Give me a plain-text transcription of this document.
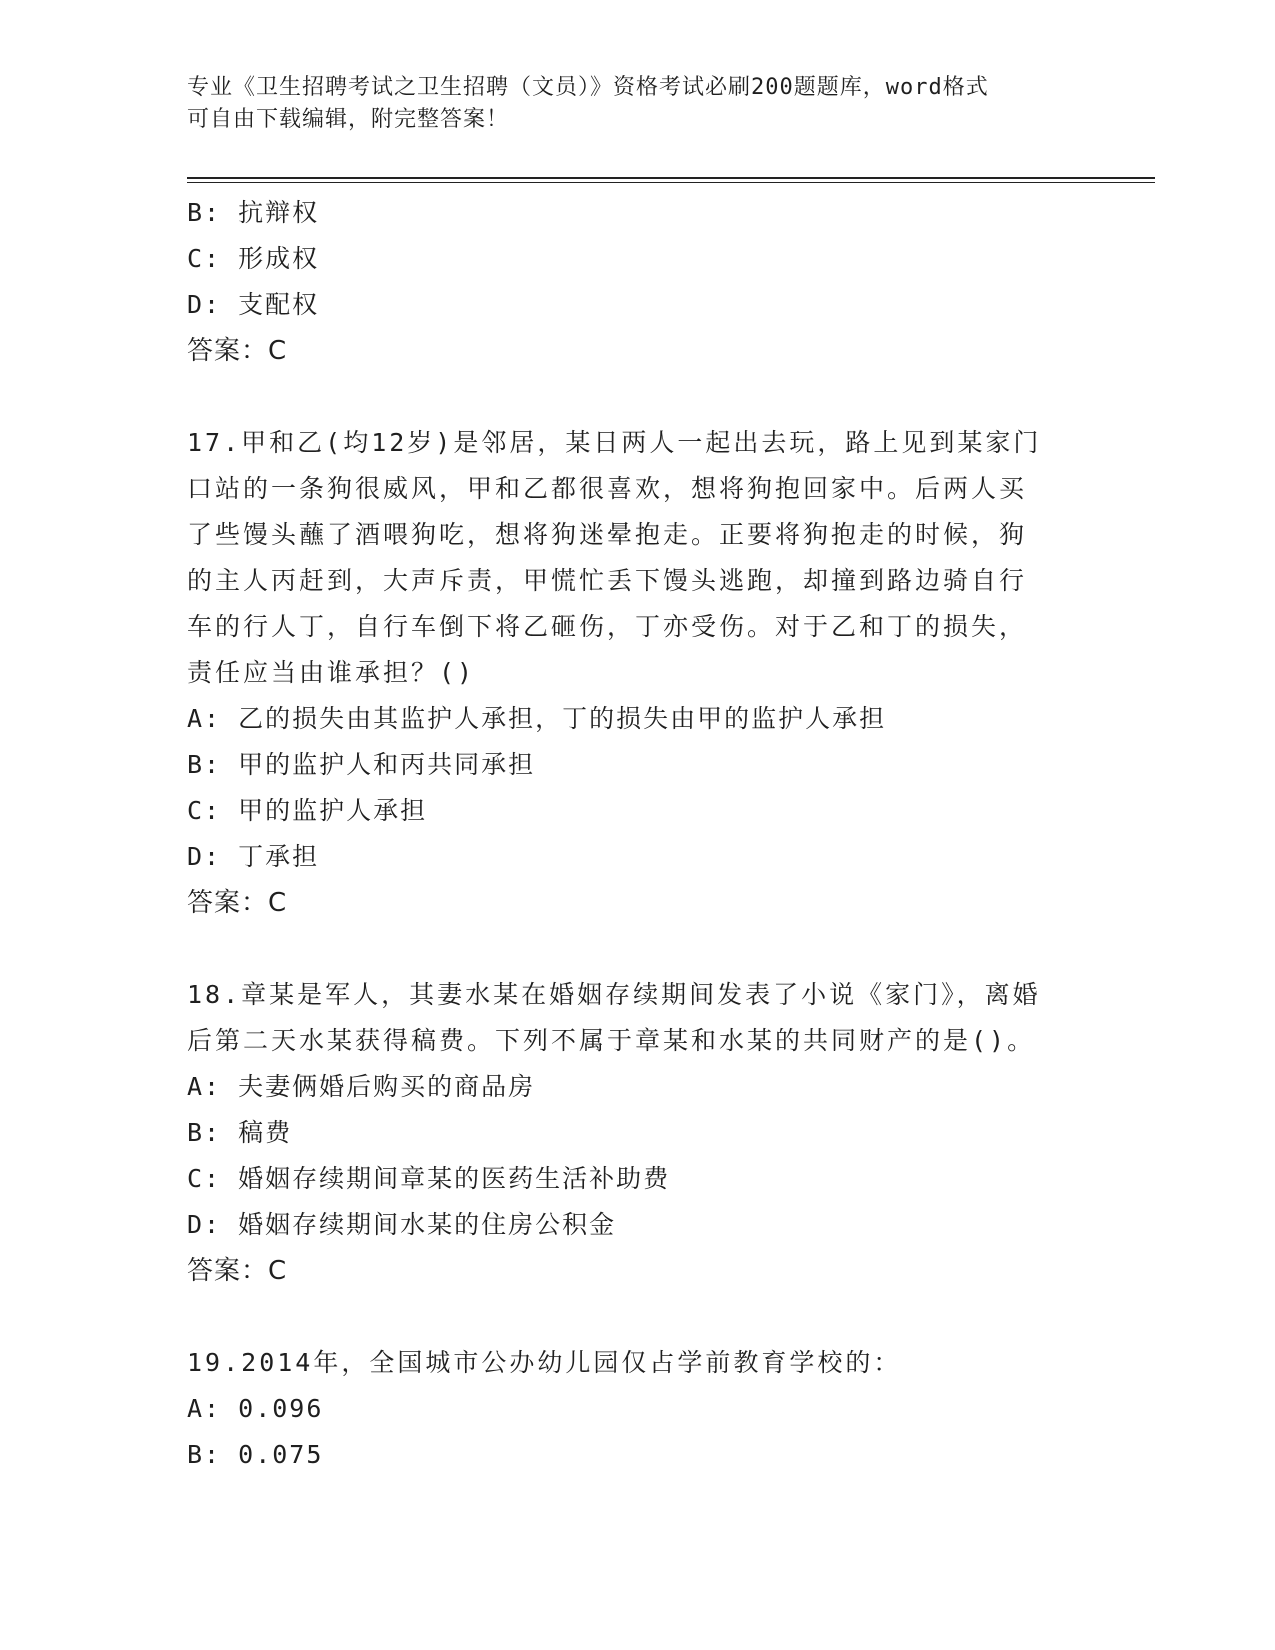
专业《卫生招聘考试之卫生招聘（文员）》资格考试必刷200题题库，word格式
可自由下载编辑，附完整答案！
B: 抗辩权
C: 形成权
D: 支配权
答案：C
17.甲和乙(均12岁)是邻居，某日两人一起出去玩，路上见到某家门
口站的一条狗很威风，甲和乙都很喜欢，想将狗抱回家中。后两人买
了些馒头蘸了酒喂狗吃，想将狗迷晕抱走。正要将狗抱走的时候，狗
的主人丙赶到，大声斥责，甲慌忙丢下馒头逃跑，却撞到路边骑自行
车的行人丁，自行车倒下将乙砸伤，丁亦受伤。对于乙和丁的损失，
责任应当由谁承担？()
A: 乙的损失由其监护人承担，丁的损失由甲的监护人承担
B: 甲的监护人和丙共同承担
C: 甲的监护人承担
D: 丁承担
答案：C
18.章某是军人，其妻水某在婚姻存续期间发表了小说《家门》，离婚
后第二天水某获得稿费。下列不属于章某和水某的共同财产的是()。
A: 夫妻俩婚后购买的商品房
B: 稿费
C: 婚姻存续期间章某的医药生活补助费
D: 婚姻存续期间水某的住房公积金
答案：C
19.2014年，全国城市公办幼儿园仅占学前教育学校的：
A: 0.096
B: 0.075
